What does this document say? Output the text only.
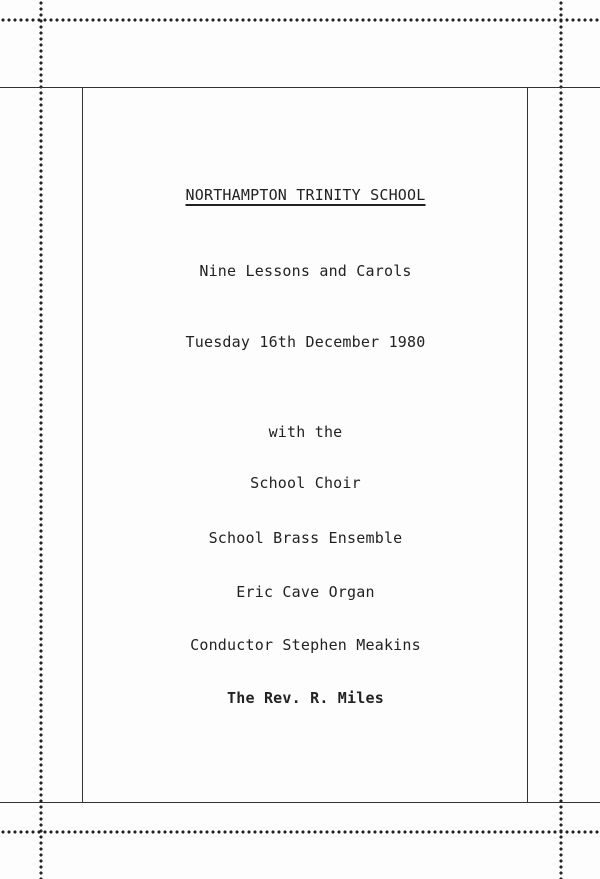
NORTHAMPTON TRINITY SCHOOL
Nine Lessons and Carols
Tuesday 16th December 1980
with the
School Choir
School Brass Ensemble
Eric Cave Organ
Conductor Stephen Meakins
The Rev. R. Miles
